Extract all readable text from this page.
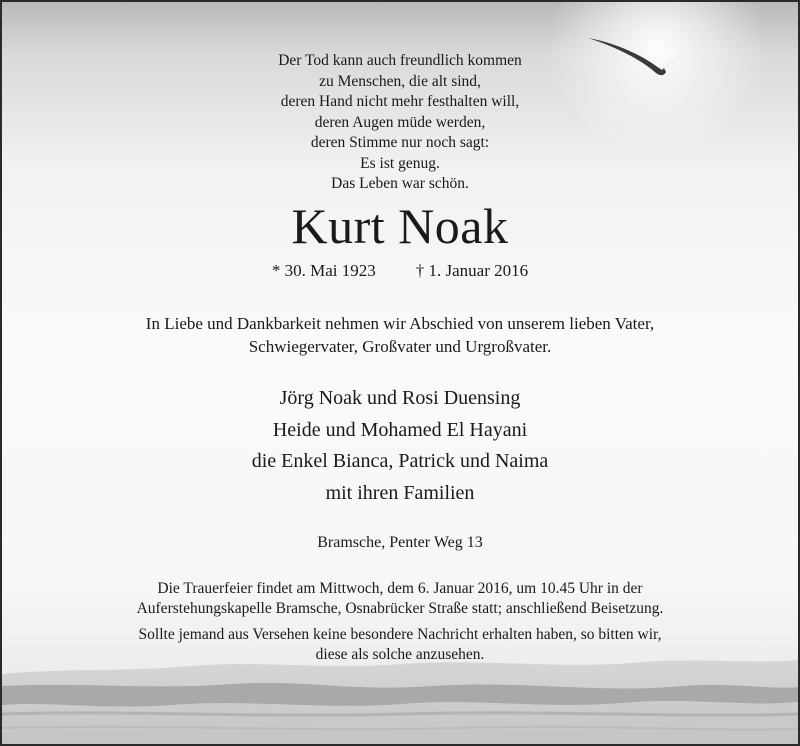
Der Tod kann auch freundlich kommen
zu Menschen, die alt sind,
deren Hand nicht mehr festhalten will,
deren Augen müde werden,
deren Stimme nur noch sagt:
Es ist genug.
Das Leben war schön.
Kurt Noak
* 30. Mai 1923 † 1. Januar 2016
In Liebe und Dankbarkeit nehmen wir Abschied von unserem lieben Vater,
Schwiegervater, Großvater und Urgroßvater.
Jörg Noak und Rosi Duensing
Heide und Mohamed El Hayani
die Enkel Bianca, Patrick und Naima
mit ihren Familien
Bramsche, Penter Weg 13
Die Trauerfeier findet am Mittwoch, dem 6. Januar 2016, um 10.45 Uhr in der
Auferstehungskapelle Bramsche, Osnabrücker Straße statt; anschließend Beisetzung.
Sollte jemand aus Versehen keine besondere Nachricht erhalten haben, so bitten wir,
diese als solche anzusehen.
